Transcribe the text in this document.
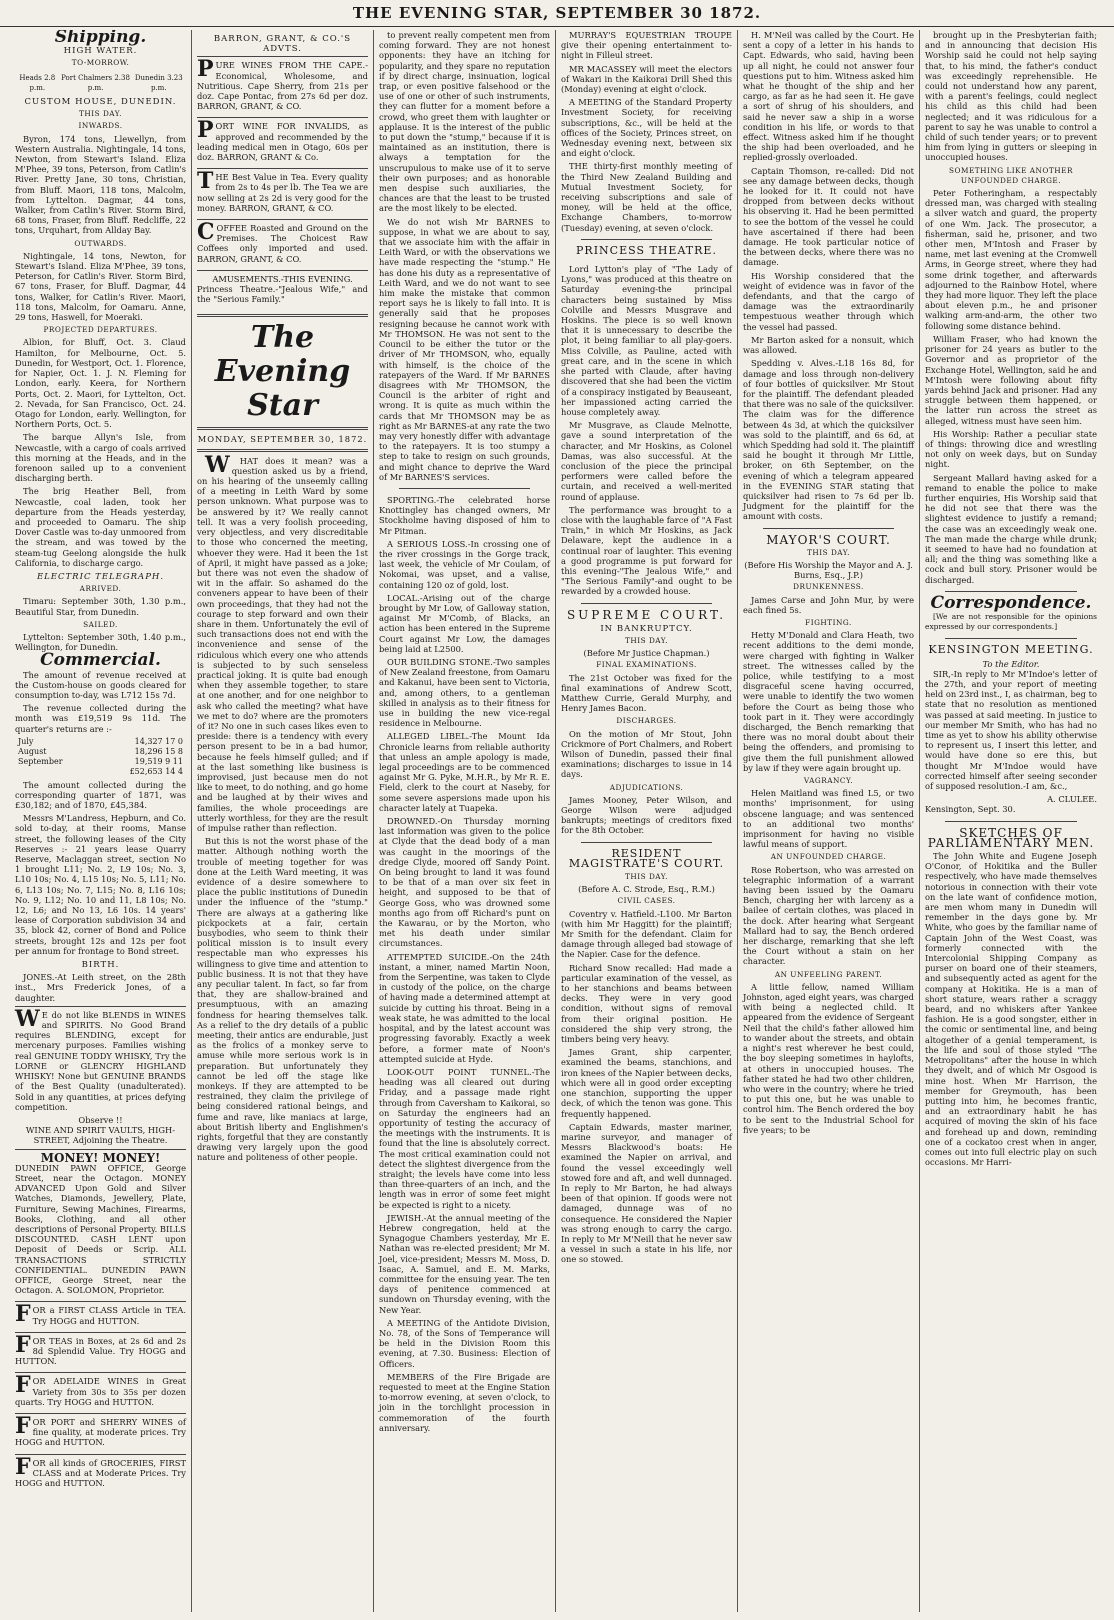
THE EVENING STAR, SEPTEMBER 30 1872.
Shipping.
HIGH WATER.
TO-MORROW.
Heads 2.8 p.m.
Port Chalmers 2.38 p.m.
Dunedin 3.23 p.m.
CUSTOM HOUSE, DUNEDIN.
THIS DAY.
INWARDS.

Byron, 174 tons, Llewellyn, from Western Australia. Nightingale, 14 tons, Newton, from Stewart's Island. Eliza M'Phee, 39 tons, Peterson, from Catlin's River. Pretty Jane, 30 tons, Christian, from Bluff. Maori, 118 tons, Malcolm, from Lyttelton. Dagmar, 44 tons, Walker, from Catlin's River. Storm Bird, 68 tons, Fraser, from Bluff. Redcliffe, 22 tons, Urquhart, from Allday Bay.

OUTWARDS.

Nightingale, 14 tons, Newton, for Stewart's Island. Eliza M'Phee, 39 tons, Peterson, for Catlin's River. Storm Bird, 67 tons, Fraser, for Bluff. Dagmar, 44 tons, Walker, for Catlin's River. Maori, 118 tons, Malcolm, for Oamaru. Anne, 29 tons, Haswell, for Moeraki.

PROJECTED DEPARTURES.

Albion, for Bluff, Oct. 3. Claud Hamilton, for Melbourne, Oct. 5. Dunedin, for Westport, Oct. 1. Florence, for Napier, Oct. 1. J. N. Fleming for London, early. Keera, for Northern Ports, Oct. 2. Maori, for Lyttelton, Oct. 2. Nevada, for San Francisco, Oct. 24. Otago for London, early. Wellington, for Northern Ports, Oct. 5.

The barque Allyn's Isle, from Newcastle, with a cargo of coals arrived this morning at the Heads, and in the forenoon sailed up to a convenient discharging berth.

The brig Heather Bell, from Newcastle, coal laden, took her departure from the Heads yesterday, and proceeded to Oamaru. The ship Dover Castle was to-day unmoored from the stream, and was towed by the steam-tug Geelong alongside the hulk California, to discharge cargo.

ELECTRIC TELEGRAPH.
ARRIVED.

Timaru: September 30th, 1.30 p.m., Beautiful Star, from Dunedin.

SAILED.

Lyttelton: September 30th, 1.40 p.m., Wellington, for Dunedin.

Commercial.

The amount of revenue received at the Custom-house on goods cleared for consumption to-day, was L712 15s 7d.

The revenue collected during the month was £19,519 9s 11d. The quarter's returns are :-

July	14,327 17 0
August	18,296 15 8
September	19,519 9 11
	£52,653 14 4

The amount collected during the corresponding quarter of 1871, was £30,182; and of 1870, £45,384.

Messrs M'Landress, Hepburn, and Co. sold to-day, at their rooms, Manse street, the following leases of the City Reserves :- 21 years lease Quarry Reserve, Maclaggan street, section No 1 brought L11; No. 2, L9 10s; No. 3, L10 10s; No. 4, L15 10s; No. 5, L11; No. 6, L13 10s; No. 7, L15; No. 8, L16 10s; No. 9, L12; No. 10 and 11, L8 10s; No. 12, L6; and No 13, L6 10s. 14 years' lease of Corporation subdivision 34 and 35, block 42, corner of Bond and Police streets, brought 12s and 12s per foot per annum for frontage to Bond street.

BIRTH.

JONES.-At Leith street, on the 28th inst., Mrs Frederick Jones, of a daughter.

WE do not like BLENDS in WINES and SPIRITS. No Good Brand requires BLENDING, except for mercenary purposes. Families wishing real GENUINE TODDY WHISKY, Try the LORNE or GLENCRY HIGHLAND WHISKY! None but GENUINE BRANDS of the Best Quality (unadulterated). Sold in any quantities, at prices defying competition.

Observe !!
WINE AND SPIRIT VAULTS, HIGH-STREET, Adjoining the Theatre.
MONEY! MONEY!

DUNEDIN PAWN OFFICE, George Street, near the Octagon. MONEY ADVANCED Upon Gold and Silver Watches, Diamonds, Jewellery, Plate, Furniture, Sewing Machines, Firearms, Books, Clothing, and all other descriptions of Personal Property. BILLS DISCOUNTED. CASH LENT upon Deposit of Deeds or Scrip. ALL TRANSACTIONS STRICTLY CONFIDENTIAL. DUNEDIN PAWN OFFICE, George Street, near the Octagon. A. SOLOMON, Proprietor.

FOR a FIRST CLASS Article in TEA. Try HOGG and HUTTON.

FOR TEAS in Boxes, at 2s 6d and 2s 8d Splendid Value. Try HOGG and HUTTON.

FOR ADELAIDE WINES in Great Variety from 30s to 35s per dozen quarts. Try HOGG and HUTTON.

FOR PORT and SHERRY WINES of fine quality, at moderate prices. Try HOGG and HUTTON.

FOR all kinds of GROCERIES, FIRST CLASS and at Moderate Prices. Try HOGG and HUTTON.

BARRON, GRANT, & CO.'S ADVTS.

PURE WINES FROM THE CAPE.- Economical, Wholesome, and Nutritious. Cape Sherry, from 21s per doz. Cape Pontac, from 27s 6d per doz. BARRON, GRANT, & CO.

PORT WINE FOR INVALIDS, as approved and recommended by the leading medical men in Otago, 60s per doz. BARRON, GRANT & Co.

THE Best Value in Tea. Every quality from 2s to 4s per lb. The Tea we are now selling at 2s 2d is very good for the money. BARRON, GRANT, & CO.

COFFEE Roasted and Ground on the Premises. The Choicest Raw Coffees only imported and used. BARRON, GRANT, & CO.

AMUSEMENTS.-THIS EVENING.

Princess Theatre.-"Jealous Wife," and the "Serious Family."

The Evening Star
MONDAY, SEPTEMBER 30, 1872.

WHAT does it mean? was a question asked us by a friend, on his hearing of the unseemly calling of a meeting in Leith Ward by some person unknown. What purpose was to be answered by it? We really cannot tell. It was a very foolish proceeding, very objectless, and very discreditable to those who concerned the meeting, whoever they were. Had it been the 1st of April, it might have passed as a joke; but there was not even the shadow of wit in the affair. So ashamed do the conveners appear to have been of their own proceedings, that they had not the courage to step forward and own their share in them. Unfortunately the evil of such transactions does not end with the inconvenience and sense of the ridiculous which every one who attends is subjected to by such senseless practical joking. It is quite bad enough when they assemble together, to stare at one another, and for one neighbor to ask who called the meeting? what have we met to do? where are the promoters of it? No one in such cases likes even to preside: there is a tendency with every person present to be in a bad humor, because he feels himself gulled; and if at the last something like business is improvised, just because men do not like to meet, to do nothing, and go home and be laughed at by their wives and families, the whole proceedings are utterly worthless, for they are the result of impulse rather than reflection.

But this is not the worst phase of the matter. Although nothing worth the trouble of meeting together for was done at the Leith Ward meeting, it was evidence of a desire somewhere to place the public institutions of Dunedin under the influence of the "stump." There are always at a gathering like pickpockets at a fair, certain busybodies, who seem to think their political mission is to insult every respectable man who expresses his willingness to give time and attention to public business. It is not that they have any peculiar talent. In fact, so far from that, they are shallow-brained and presumptuous, with an amazing fondness for hearing themselves talk. As a relief to the dry details of a public meeting, their antics are endurable, just as the frolics of a monkey serve to amuse while more serious work is in preparation. But unfortunately they cannot be led off the stage like monkeys. If they are attempted to be restrained, they claim the privilege of being considered rational beings, and fume and rave, like maniacs at large, about British liberty and Englishmen's rights, forgetful that they are constantly drawing very largely upon the good nature and politeness of other people.

to prevent really competent men from coming forward. They are not honest opponents: they have an itching for popularity, and they spare no reputation if by direct charge, insinuation, logical trap, or even positive falsehood or the use of one or other of such instruments, they can flutter for a moment before a crowd, who greet them with laughter or applause. It is the interest of the public to put down the "stump," because if it is maintained as an institution, there is always a temptation for the unscrupulous to make use of it to serve their own purposes; and as honorable men despise such auxiliaries, the chances are that the least to be trusted are the most likely to be elected.

We do not wish Mr BARNES to suppose, in what we are about to say, that we associate him with the affair in Leith Ward, or with the observations we have made respecting the "stump." He has done his duty as a representative of Leith Ward, and we do not want to see him make the mistake that common report says he is likely to fall into. It is generally said that he proposes resigning because he cannot work with Mr THOMSON. He was not sent to the Council to be either the tutor or the driver of Mr THOMSON, who, equally with himself, is the choice of the ratepayers of the Ward. If Mr BARNES disagrees with Mr THOMSON, the Council is the arbiter of right and wrong. It is quite as much within the cards that Mr THOMSON may be as right as Mr BARNES-at any rate the two may very honestly differ with advantage to the ratepayers. It is too stumpy a step to take to resign on such grounds, and might chance to deprive the Ward of Mr BARNES'S services.

SPORTING.-The celebrated horse Knottingley has changed owners, Mr Stockholme having disposed of him to Mr Pitman.

A SERIOUS LOSS.-In crossing one of the river crossings in the Gorge track, last week, the vehicle of Mr Coulam, of Nokomai, was upset, and a valise, containing 120 oz of gold, lost.

LOCAL.-Arising out of the charge brought by Mr Low, of Galloway station, against Mr M'Comb, of Blacks, an action has been entered in the Supreme Court against Mr Low, the damages being laid at L2500.

OUR BUILDING STONE.-Two samples of New Zealand freestone, from Oamaru and Kakanui, have been sent to Victoria, and, among others, to a gentleman skilled in analysis as to their fitness for use in building the new vice-regal residence in Melbourne.

ALLEGED LIBEL.-The Mount Ida Chronicle learns from reliable authority that unless an ample apology is made, legal proceedings are to be commenced against Mr G. Pyke, M.H.R., by Mr R. E. Field, clerk to the court at Naseby, for some severe aspersions made upon his character lately at Tuapeka.

DROWNED.-On Thursday morning last information was given to the police at Clyde that the dead body of a man was caught in the moorings of the dredge Clyde, moored off Sandy Point. On being brought to land it was found to be that of a man over six feet in height, and supposed to be that of George Goss, who was drowned some months ago from off Richard's punt on the Kawarau, or by the Morton, who met his death under similar circumstances.

ATTEMPTED SUICIDE.-On the 24th instant, a miner, named Martin Noon, from the Serpentine, was taken to Clyde in custody of the police, on the charge of having made a determined attempt at suicide by cutting his throat. Being in a weak state, he was admitted to the local hospital, and by the latest account was progressing favorably. Exactly a week before, a former mate of Noon's attempted suicide at Hyde.

LOOK-OUT POINT TUNNEL.-The heading was all cleared out during Friday, and a passage made right through from Caversham to Kaikorai, so on Saturday the engineers had an opportunity of testing the accuracy of the meetings with the instruments. It is found that the line is absolutely correct. The most critical examination could not detect the slightest divergence from the straight; the levels have come into less than three-quarters of an inch, and the length was in error of some feet might be expected is right to a nicety.

JEWISH.-At the annual meeting of the Hebrew congregation, held at the Synagogue Chambers yesterday, Mr E. Nathan was re-elected president; Mr M. Joel, vice-president; Messrs M. Moss, D. Isaac, A. Samuel, and E. M. Marks, committee for the ensuing year. The ten days of penitence commenced at sundown on Thursday evening, with the New Year.

A MEETING of the Antidote Division, No. 78, of the Sons of Temperance will be held in the Division Room this evening, at 7.30. Business: Election of Officers.

MEMBERS of the Fire Brigade are requested to meet at the Engine Station to-morrow evening, at seven o'clock, to join in the torchlight procession in commemoration of the fourth anniversary.

MURRAY'S EQUESTRIAN TROUPE give their opening entertainment to-night in Filleul street.

MR MACASSEY will meet the electors of Wakari in the Kaikorai Drill Shed this (Monday) evening at eight o'clock.

A MEETING of the Standard Property Investment Society, for receiving subscriptions, &c., will be held at the offices of the Society, Princes street, on Wednesday evening next, between six and eight o'clock.

THE thirty-first monthly meeting of the Third New Zealand Building and Mutual Investment Society, for receiving subscriptions and sale of money, will be held at the office, Exchange Chambers, to-morrow (Tuesday) evening, at seven o'clock.

PRINCESS THEATRE.

Lord Lytton's play of "The Lady of Lyons," was produced at this theatre on Saturday evening-the principal characters being sustained by Miss Colville and Messrs Musgrave and Hoskins. The piece is so well known that it is unnecessary to describe the plot, it being familiar to all play-goers. Miss Colville, as Pauline, acted with great care, and in the scene in which she parted with Claude, after having discovered that she had been the victim of a conspiracy instigated by Beauseant, her impassioned acting carried the house completely away.

Mr Musgrave, as Claude Melnotte, gave a sound interpretation of the character, and Mr Hoskins, as Colonel Damas, was also successful. At the conclusion of the piece the principal performers were called before the curtain, and received a well-merited round of applause.

The performance was brought to a close with the laughable farce of "A Fast Train," in which Mr Hoskins, as Jack Delaware, kept the audience in a continual roar of laughter. This evening a good programme is put forward for this evening-"The Jealous Wife," and "The Serious Family"-and ought to be rewarded by a crowded house.

SUPREME COURT.
IN BANKRUPTCY.
THIS DAY.
(Before Mr Justice Chapman.)
FINAL EXAMINATIONS.

The 21st October was fixed for the final examinations of Andrew Scott, Matthew Currie, Gerald Murphy, and Henry James Bacon.

DISCHARGES.

On the motion of Mr Stout, John Crickmore of Port Chalmers, and Robert Wilson of Dunedin, passed their final examinations; discharges to issue in 14 days.

ADJUDICATIONS.

James Mooney, Peter Wilson, and George Wilson were adjudged bankrupts; meetings of creditors fixed for the 8th October.

RESIDENT MAGISTRATE'S COURT.
THIS DAY.
(Before A. C. Strode, Esq., R.M.)
CIVIL CASES.

Coventry v. Hatfield.-L100. Mr Barton (with him Mr Haggitt) for the plaintiff; Mr Smith for the defendant. Claim for damage through alleged bad stowage of the Napier. Case for the defence.

Richard Snow recalled: Had made a particular examination of the vessel, as to her stanchions and beams between decks. They were in very good condition, without signs of removal from their original position. He considered the ship very strong, the timbers being very heavy.

James Grant, ship carpenter, examined the beams, stanchions, and iron knees of the Napier between decks, which were all in good order excepting one stanchion, supporting the upper deck, of which the tenon was gone. This frequently happened.

Captain Edwards, master mariner, marine surveyor, and manager of Messrs Blackwood's boats: He examined the Napier on arrival, and found the vessel exceedingly well stowed fore and aft, and well dunnaged. In reply to Mr Barton, he had always been of that opinion. If goods were not damaged, dunnage was of no consequence. He considered the Napier was strong enough to carry the cargo. In reply to Mr M'Neill that he never saw a vessel in such a state in his life, nor one so stowed.

H. M'Neil was called by the Court. He sent a copy of a letter in his hands to Capt. Edwards, who said, having been up all night, he could not answer four questions put to him. Witness asked him what he thought of the ship and her cargo, as far as he had seen it. He gave a sort of shrug of his shoulders, and said he never saw a ship in a worse condition in his life, or words to that effect. Witness asked him if he thought the ship had been overloaded, and he replied-grossly overloaded.

Captain Thomson, re-called: Did not see any damage between decks, though he looked for it. It could not have dropped from between decks without his observing it. Had he been permitted to see the bottom of the vessel he could have ascertained if there had been damage. He took particular notice of the between decks, where there was no damage.

His Worship considered that the weight of evidence was in favor of the defendants, and that the cargo of damage was the extraordinarily tempestuous weather through which the vessel had passed.

Mr Barton asked for a nonsuit, which was allowed.

Spedding v. Alves.-L18 16s 8d, for damage and loss through non-delivery of four bottles of quicksilver. Mr Stout for the plaintiff. The defendant pleaded that there was no sale of the quicksilver. The claim was for the difference between 4s 3d, at which the quicksilver was sold to the plaintiff, and 6s 6d, at which Spedding had sold it. The plaintiff said he bought it through Mr Little, broker, on 6th September, on the evening of which a telegram appeared in the EVENING STAR stating that quicksilver had risen to 7s 6d per lb. Judgment for the plaintiff for the amount with costs.

MAYOR'S COURT.
THIS DAY.
(Before His Worship the Mayor and A. J. Burns, Esq., J.P.)
DRUNKENNESS.

James Carse and John Mur, by were each fined 5s.

FIGHTING.

Hetty M'Donald and Clara Heath, two recent additions to the demi monde, were charged with fighting in Walker street. The witnesses called by the police, while testifying to a most disgraceful scene having occurred, were unable to identify the two women before the Court as being those who took part in it. They were accordingly discharged, the Bench remarking that there was no moral doubt about their being the offenders, and promising to give them the full punishment allowed by law if they were again brought up.

VAGRANCY.

Helen Maitland was fined L5, or two months' imprisonment, for using obscene language; and was sentenced to an additional two months' imprisonment for having no visible lawful means of support.

AN UNFOUNDED CHARGE.

Rose Robertson, who was arrested on telegraphic information of a warrant having been issued by the Oamaru Bench, charging her with larceny as a bailee of certain clothes, was placed in the dock. After hearing what Sergeant Mallard had to say, the Bench ordered her discharge, remarking that she left the Court without a stain on her character.

AN UNFEELING PARENT.

A little fellow, named William Johnston, aged eight years, was charged with being a neglected child. It appeared from the evidence of Sergeant Neil that the child's father allowed him to wander about the streets, and obtain a night's rest wherever he best could, the boy sleeping sometimes in haylofts, at others in unoccupied houses. The father stated he had two other children, who were in the country; where he tried to put this one, but he was unable to control him. The Bench ordered the boy to be sent to the Industrial School for five years; to be

brought up in the Presbyterian faith; and in announcing that decision His Worship said he could not help saying that, to his mind, the father's conduct was exceedingly reprehensible. He could not understand how any parent, with a parent's feelings, could neglect his child as this child had been neglected; and it was ridiculous for a parent to say he was unable to control a child of such tender years; or to prevent him from lying in gutters or sleeping in unoccupied houses.

SOMETHING LIKE ANOTHER UNFOUNDED CHARGE.

Peter Fotheringham, a respectably dressed man, was charged with stealing a silver watch and guard, the property of one Wm. Jack. The prosecutor, a fisherman, said he, prisoner, and two other men, M'Intosh and Fraser by name, met last evening at the Cromwell Arms, in George street, where they had some drink together, and afterwards adjourned to the Rainbow Hotel, where they had more liquor. They left the place about eleven p.m., he and prisoner walking arm-and-arm, the other two following some distance behind.

William Fraser, who had known the prisoner for 24 years as butler to the Governor and as proprietor of the Exchange Hotel, Wellington, said he and M'Intosh were following about fifty yards behind Jack and prisoner. Had any struggle between them happened, or the latter run across the street as alleged, witness must have seen him.

His Worship: Rather a peculiar state of things: throwing dice and wrestling not only on week days, but on Sunday night.

Sergeant Mallard having asked for a remand to enable the police to make further enquiries, His Worship said that he did not see that there was the slightest evidence to justify a remand; the case was an exceedingly weak one. The man made the charge while drunk; it seemed to have had no foundation at all; and the thing was something like a cock and bull story. Prisoner would be discharged.

Correspondence.

[We are not responsible for the opinions expressed by our correspondents.]

KENSINGTON MEETING.
To the Editor.

SIR,-In reply to Mr M'Indoe's letter of the 27th, and your report of meeting held on 23rd inst., I, as chairman, beg to state that no resolution as mentioned was passed at said meeting. In justice to our member Mr Smith, who has had no time as yet to show his ability otherwise to represent us, I insert this letter, and would have done so ere this, but thought Mr M'Indoe would have corrected himself after seeing seconder of supposed resolution.-I am, &c.,

A. CLULEE.
Kensington, Sept. 30.
SKETCHES OF PARLIAMENTARY MEN.

The John White and Eugene Joseph O'Conor, of Hokitika and the Buller respectively, who have made themselves notorious in connection with their vote on the late want of confidence motion, are men whom many in Dunedin will remember in the days gone by. Mr White, who goes by the familiar name of Captain John of the West Coast, was formerly connected with the Intercolonial Shipping Company as purser on board one of their steamers, and subsequently acted as agent for the company at Hokitika. He is a man of short stature, wears rather a scraggy beard, and no whiskers after Yankee fashion. He is a good songster, either in the comic or sentimental line, and being altogether of a genial temperament, is the life and soul of those styled "The Metropolitans" after the house in which they dwelt, and of which Mr Osgood is mine host. When Mr Harrison, the member for Greymouth, has been putting into him, he becomes frantic, and an extraordinary habit he has acquired of moving the skin of his face and forehead up and down, reminding one of a cockatoo crest when in anger, comes out into full electric play on such occasions. Mr Harri-
